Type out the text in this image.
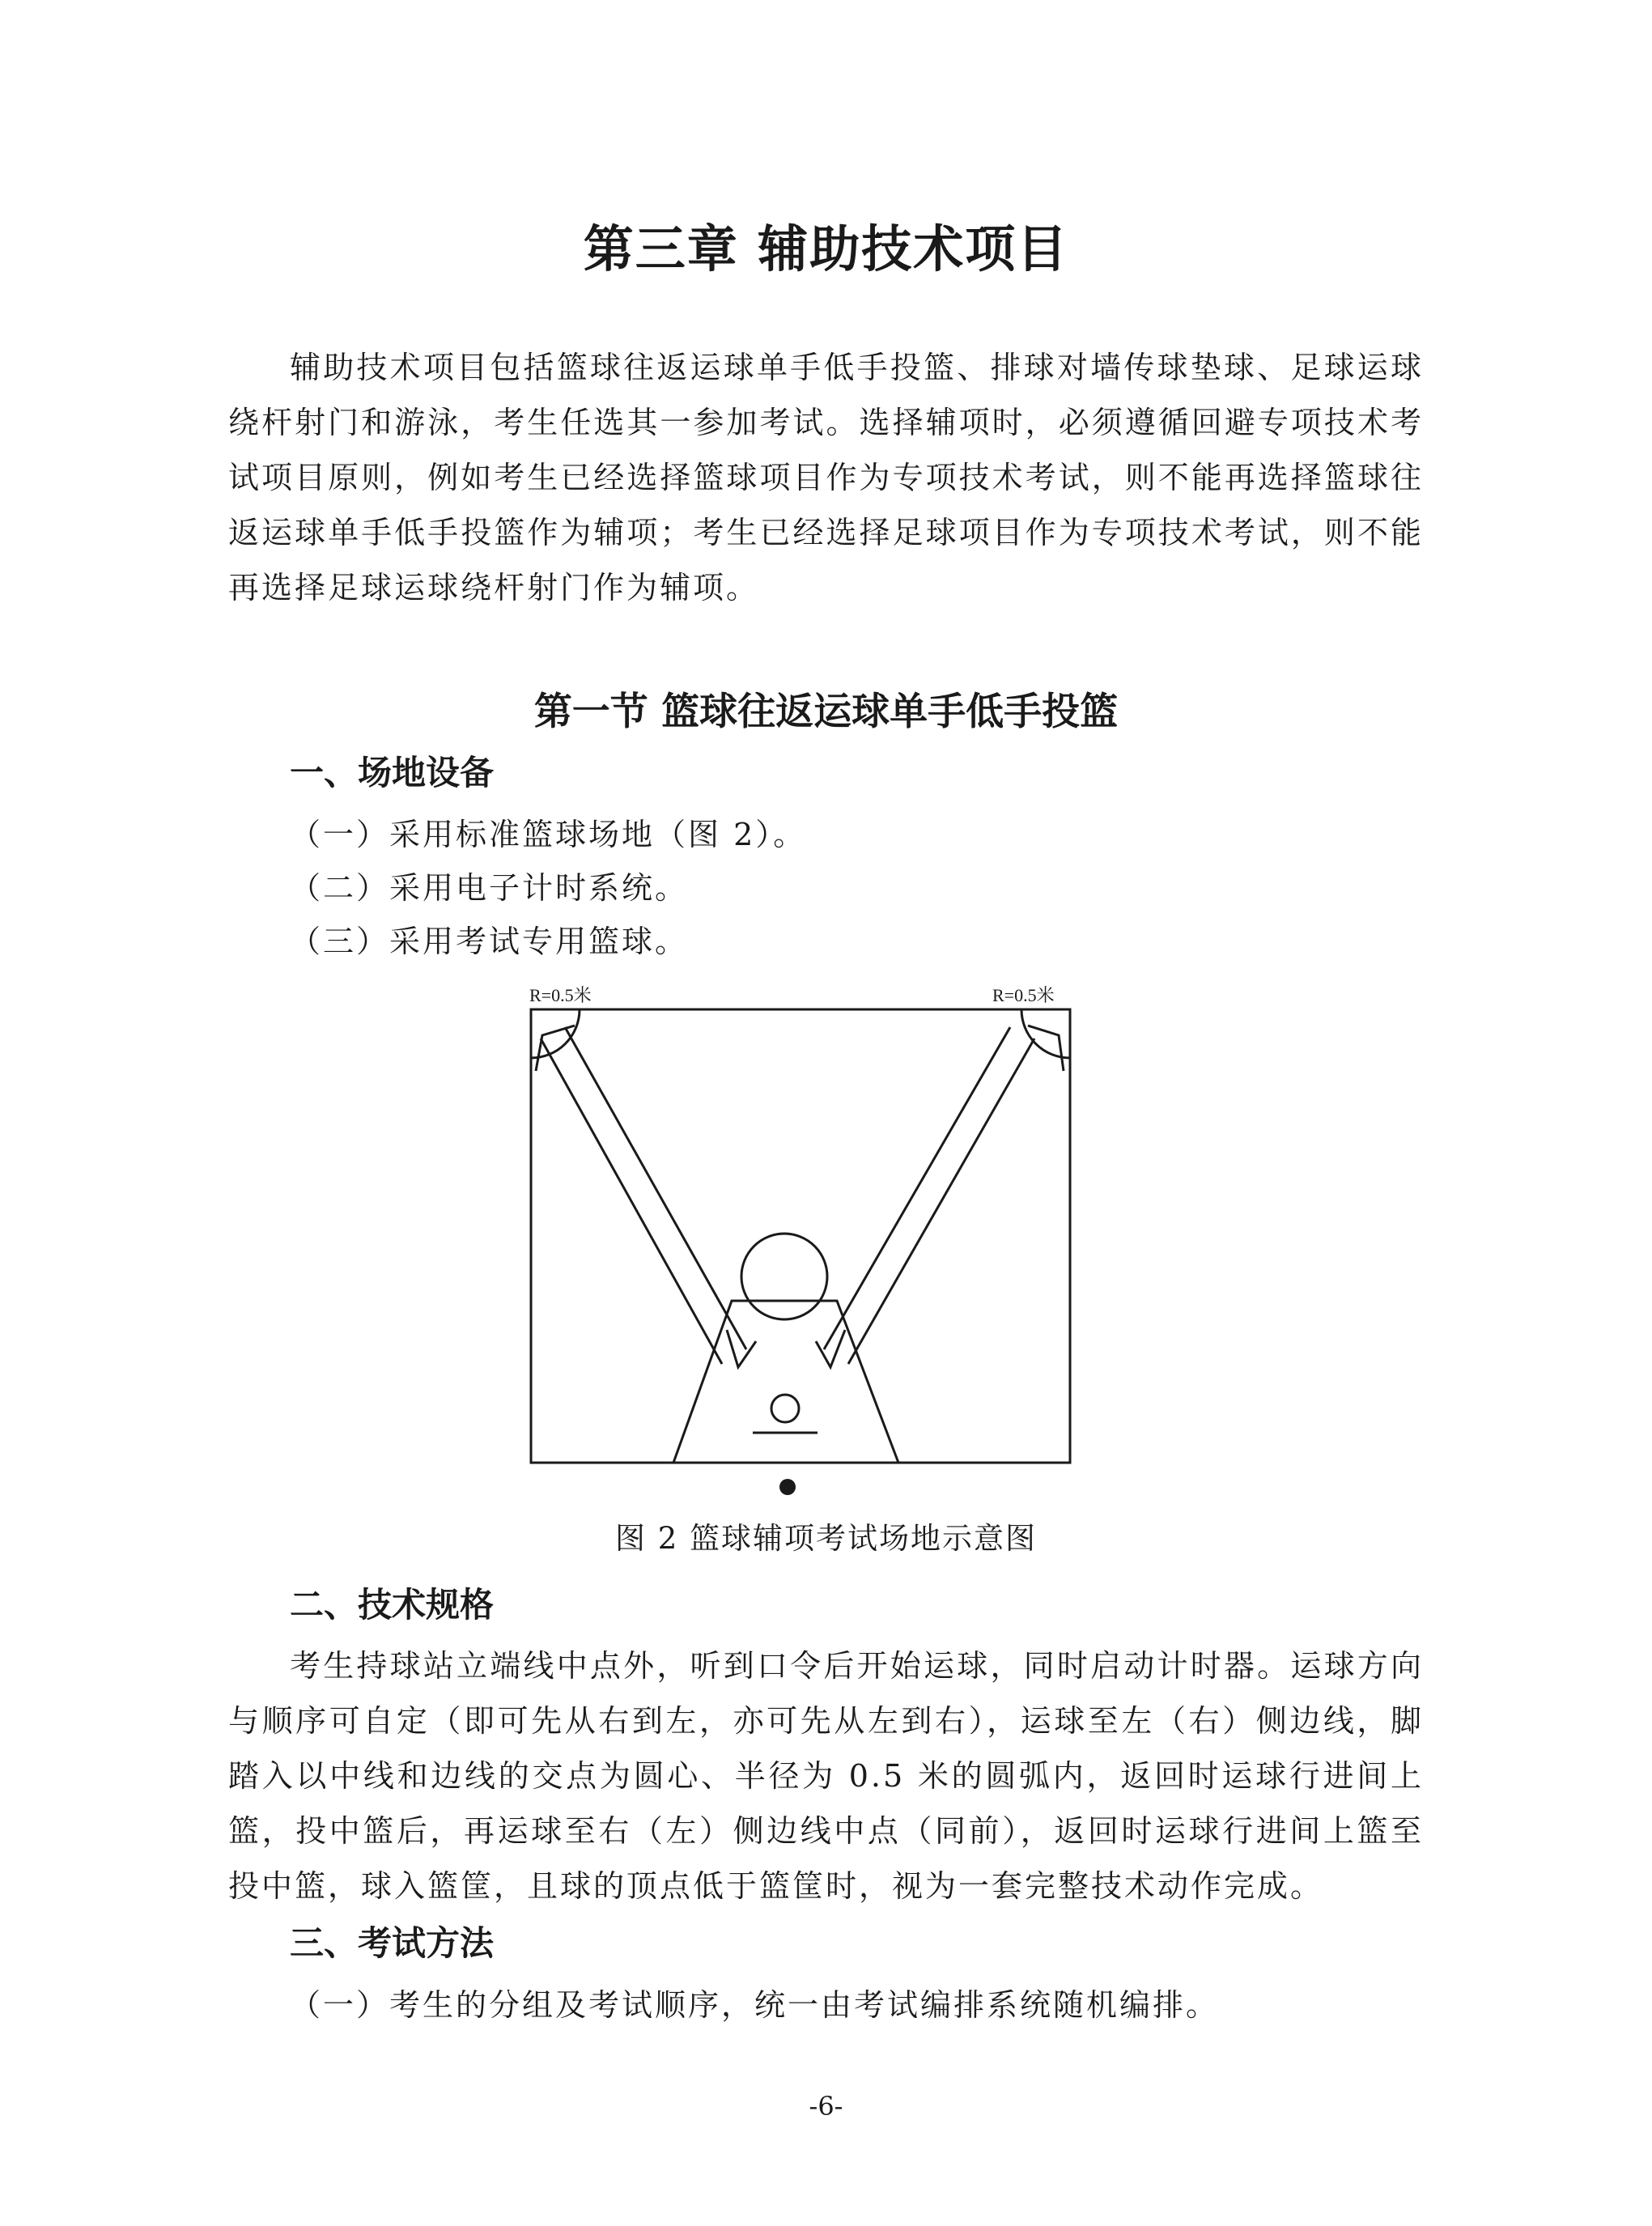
第三章 辅助技术项目

辅助技术项目包括篮球往返运球单手低手投篮、排球对墙传球垫球、足球运球绕杆射门和游泳，考生任选其一参加考试。选择辅项时，必须遵循回避专项技术考试项目原则，例如考生已经选择篮球项目作为专项技术考试，则不能再选择篮球往返运球单手低手投篮作为辅项；考生已经选择足球项目作为专项技术考试，则不能再选择足球运球绕杆射门作为辅项。

第一节 篮球往返运球单手低手投篮
一、场地设备
（一）采用标准篮球场地（图 2）。
（二）采用电子计时系统。
（三）采用考试专用篮球。
R=0.5米	R=0.5米
图 2 篮球辅项考试场地示意图
二、技术规格

考生持球站立端线中点外，听到口令后开始运球，同时启动计时器。运球方向与顺序可自定（即可先从右到左，亦可先从左到右），运球至左（右）侧边线，脚踏入以中线和边线的交点为圆心、半径为 0.5 米的圆弧内，返回时运球行进间上篮，投中篮后，再运球至右（左）侧边线中点（同前），返回时运球行进间上篮至投中篮，球入篮筐，且球的顶点低于篮筐时，视为一套完整技术动作完成。

三、考试方法
（一）考生的分组及考试顺序，统一由考试编排系统随机编排。
-6-
